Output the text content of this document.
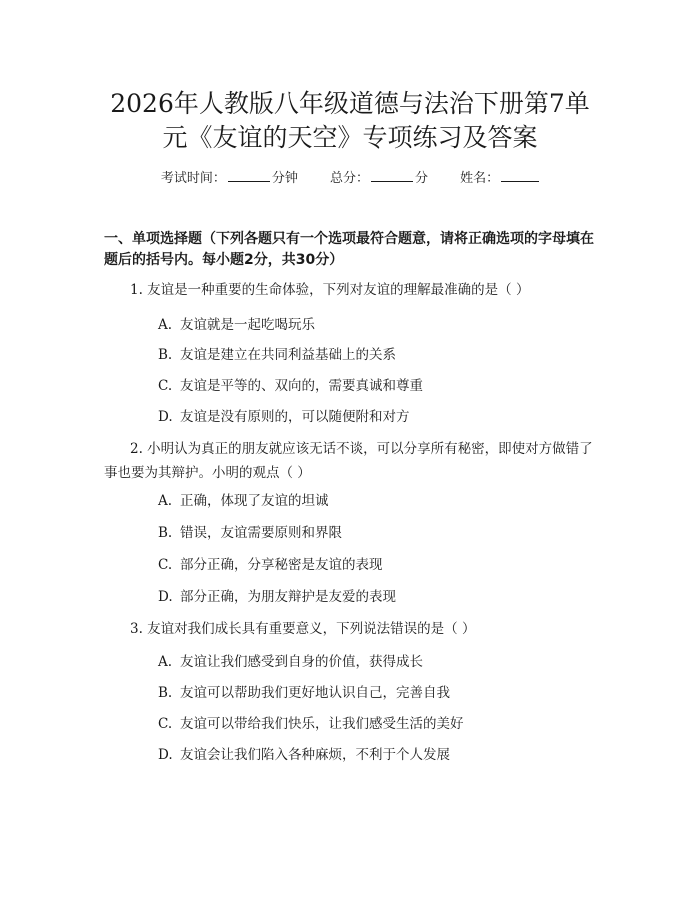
2026年人教版八年级道德与法治下册第7单
元《友谊的天空》专项练习及答案
考试时间：	分钟 总分：	分 姓名：

一、单项选择题（下列各题只有一个选项最符合题意，请将正确选项的字母填在题后的括号内。每小题2分，共30分）

1. 友谊是一种重要的生命体验，下列对友谊的理解最准确的是（ ）

A. 友谊就是一起吃喝玩乐
B. 友谊是建立在共同利益基础上的关系
C. 友谊是平等的、双向的，需要真诚和尊重
D. 友谊是没有原则的，可以随便附和对方

2. 小明认为真正的朋友就应该无话不谈，可以分享所有秘密，即使对方做错了事也要为其辩护。小明的观点（ ）

A. 正确，体现了友谊的坦诚
B. 错误，友谊需要原则和界限
C. 部分正确，分享秘密是友谊的表现
D. 部分正确，为朋友辩护是友爱的表现

3. 友谊对我们成长具有重要意义，下列说法错误的是（ ）

A. 友谊让我们感受到自身的价值，获得成长
B. 友谊可以帮助我们更好地认识自己，完善自我
C. 友谊可以带给我们快乐，让我们感受生活的美好
D. 友谊会让我们陷入各种麻烦，不利于个人发展
